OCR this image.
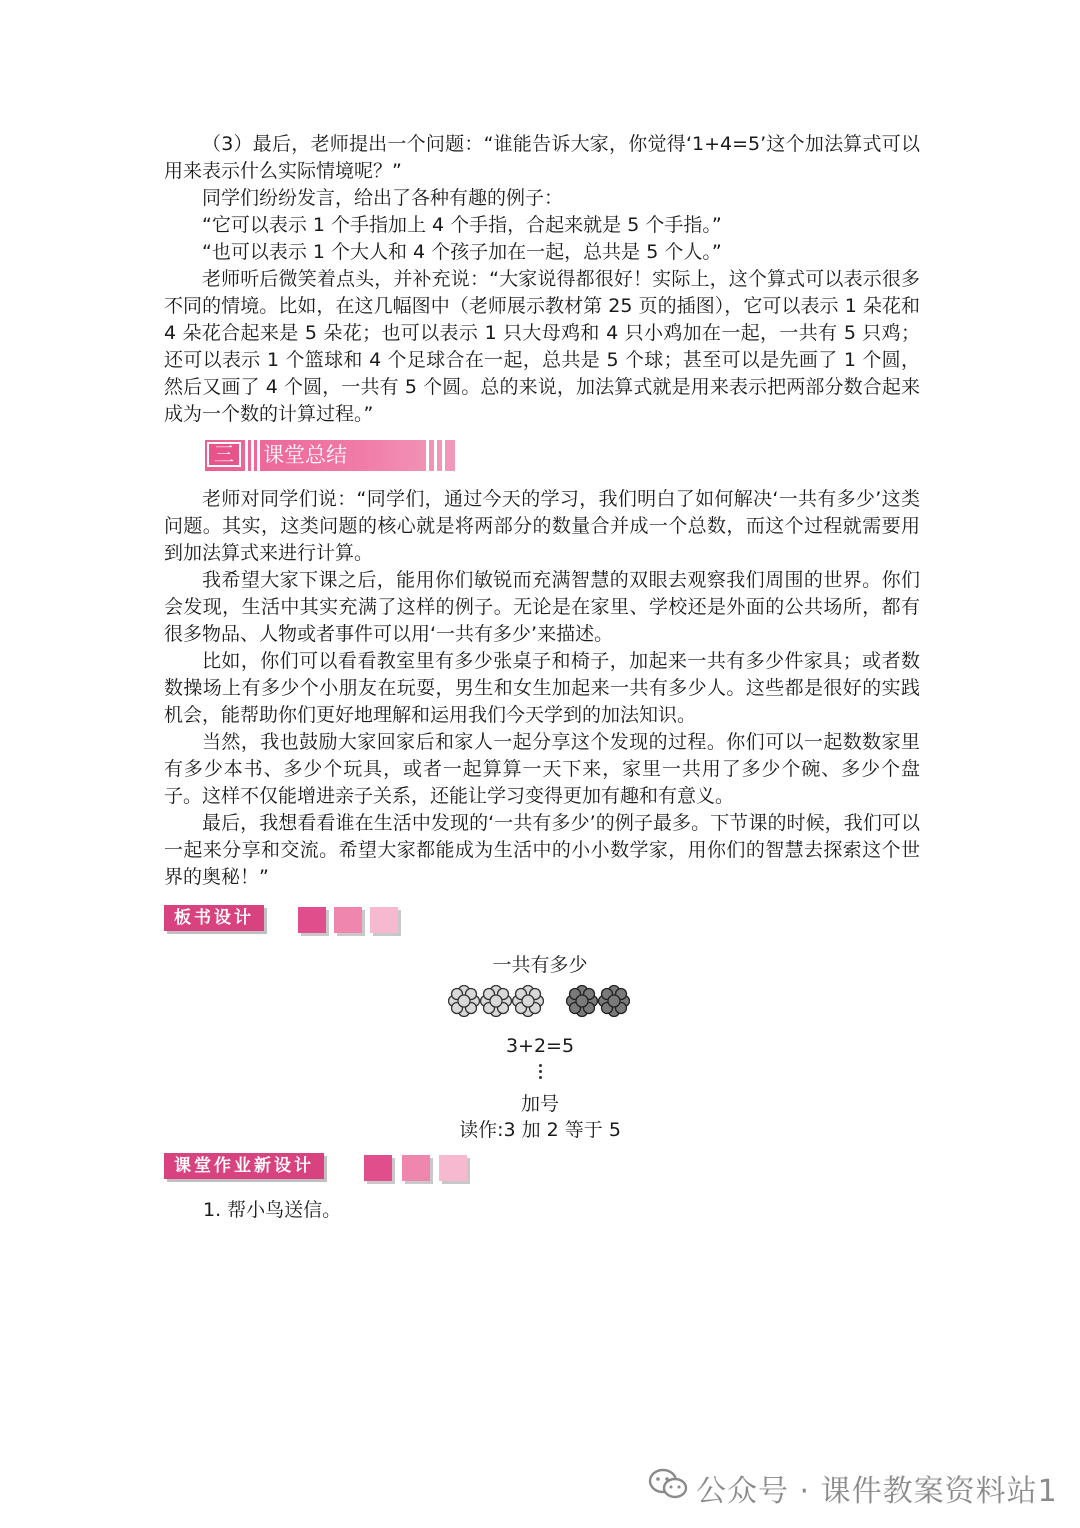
（3）最后，老师提出一个问题：“谁能告诉大家，你觉得‘1+4=5’这个加法算式可以用来表示什么实际情境呢？”

同学们纷纷发言，给出了各种有趣的例子：

“它可以表示 1 个手指加上 4 个手指，合起来就是 5 个手指。”

“也可以表示 1 个大人和 4 个孩子加在一起，总共是 5 个人。”

老师听后微笑着点头，并补充说：“大家说得都很好！实际上，这个算式可以表示很多不同的情境。比如，在这几幅图中（老师展示教材第 25 页的插图），它可以表示 1 朵花和 4 朵花合起来是 5 朵花；也可以表示 1 只大母鸡和 4 只小鸡加在一起，一共有 5 只鸡；还可以表示 1 个篮球和 4 个足球合在一起，总共是 5 个球；甚至可以是先画了 1 个圆，然后又画了 4 个圆，一共有 5 个圆。总的来说，加法算式就是用来表示把两部分数合起来成为一个数的计算过程。”

三	课堂总结

老师对同学们说：“同学们，通过今天的学习，我们明白了如何解决‘一共有多少’这类问题。其实，这类问题的核心就是将两部分的数量合并成一个总数，而这个过程就需要用到加法算式来进行计算。

我希望大家下课之后，能用你们敏锐而充满智慧的双眼去观察我们周围的世界。你们会发现，生活中其实充满了这样的例子。无论是在家里、学校还是外面的公共场所，都有很多物品、人物或者事件可以用‘一共有多少’来描述。

比如，你们可以看看教室里有多少张桌子和椅子，加起来一共有多少件家具；或者数数操场上有多少个小朋友在玩耍，男生和女生加起来一共有多少人。这些都是很好的实践机会，能帮助你们更好地理解和运用我们今天学到的加法知识。

当然，我也鼓励大家回家后和家人一起分享这个发现的过程。你们可以一起数数家里有多少本书、多少个玩具，或者一起算算一天下来，家里一共用了多少个碗、多少个盘子。这样不仅能增进亲子关系，还能让学习变得更加有趣和有意义。

最后，我想看看谁在生活中发现的‘一共有多少’的例子最多。下节课的时候，我们可以一起来分享和交流。希望大家都能成为生活中的小小数学家，用你们的智慧去探索这个世界的奥秘！”

板书设计
一共有多少
3+2=5
加号
读作:3 加 2 等于 5
课堂作业新设计
1. 帮小鸟送信。
公众号 · 课件教案资料站1
